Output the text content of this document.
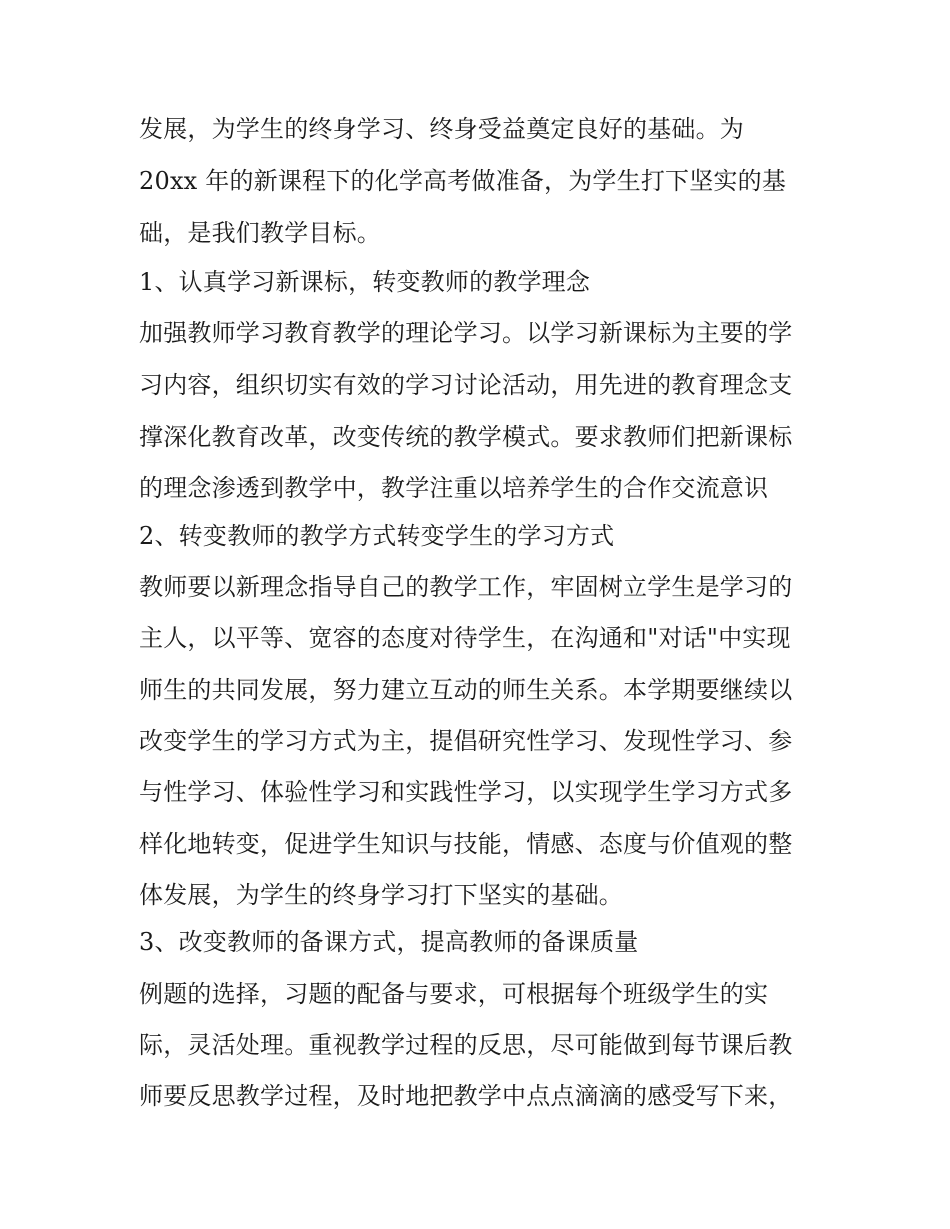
发展，为学生的终身学习、终身受益奠定良好的基础。为
20xx 年的新课程下的化学高考做准备，为学生打下坚实的基
础，是我们教学目标。
1、认真学习新课标，转变教师的教学理念
加强教师学习教育教学的理论学习。以学习新课标为主要的学
习内容，组织切实有效的学习讨论活动，用先进的教育理念支
撑深化教育改革，改变传统的教学模式。要求教师们把新课标
的理念渗透到教学中，教学注重以培养学生的合作交流意识
2、转变教师的教学方式转变学生的学习方式
教师要以新理念指导自己的教学工作，牢固树立学生是学习的
主人，以平等、宽容的态度对待学生，在沟通和"对话"中实现
师生的共同发展，努力建立互动的师生关系。本学期要继续以
改变学生的学习方式为主，提倡研究性学习、发现性学习、参
与性学习、体验性学习和实践性学习，以实现学生学习方式多
样化地转变，促进学生知识与技能，情感、态度与价值观的整
体发展，为学生的终身学习打下坚实的基础。
3、改变教师的备课方式，提高教师的备课质量
例题的选择，习题的配备与要求，可根据每个班级学生的实
际，灵活处理。重视教学过程的反思，尽可能做到每节课后教
师要反思教学过程，及时地把教学中点点滴滴的感受写下来，
